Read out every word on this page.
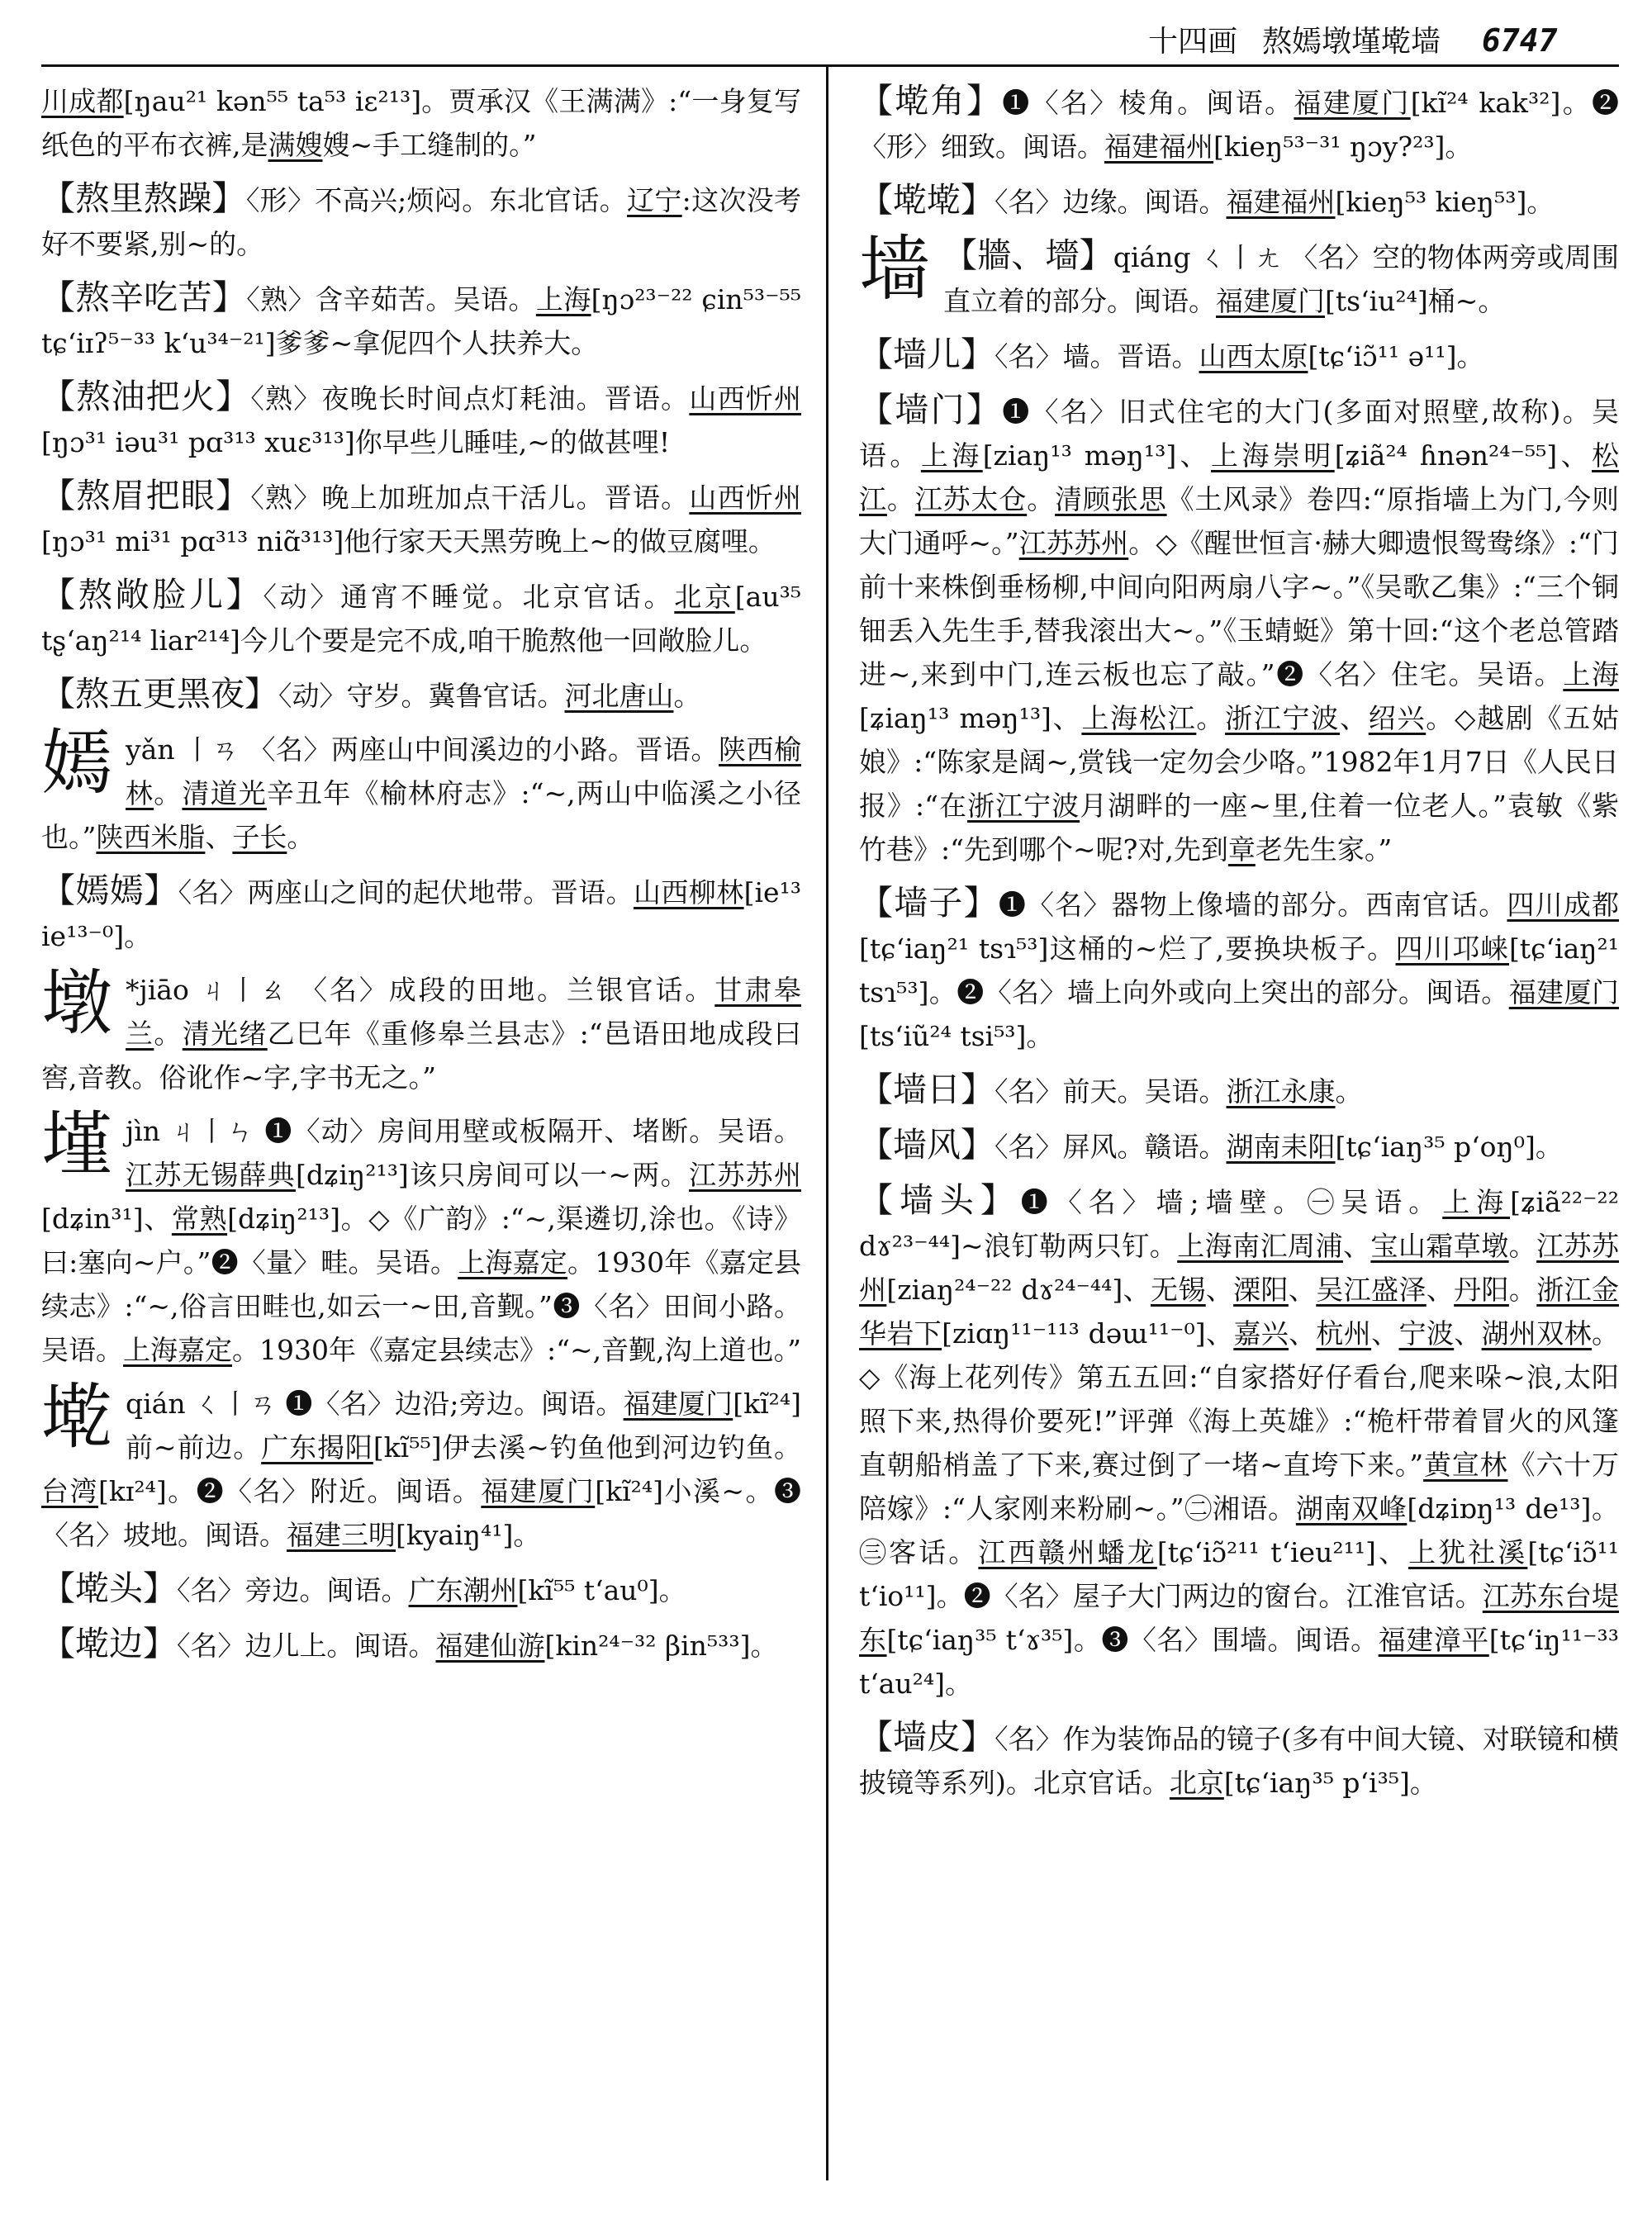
十四画 熬嫣墩墐墘墙 6747

川成都[ŋau²¹ kən⁵⁵ ta⁵³ iɛ²¹³]。贾承汉《王满满》:“一身复写纸色的平布衣裤,是满嫂嫂~手工缝制的。”

【熬里熬躁】〈形〉不高兴;烦闷。东北官话。辽宁:这次没考好不要紧,别~的。

【熬辛吃苦】〈熟〉含辛茹苦。吴语。上海[ŋɔ²³⁻²² ɕin⁵³⁻⁵⁵ tɕ‘iɪʔ⁵⁻³³ k‘u³⁴⁻²¹]爹爹~拿伲四个人扶养大。

【熬油把火】〈熟〉夜晚长时间点灯耗油。晋语。山西忻州[ŋɔ³¹ iəu³¹ pɑ³¹³ xuɛ³¹³]你早些儿睡哇,~的做甚哩!

【熬眉把眼】〈熟〉晚上加班加点干活儿。晋语。山西忻州[ŋɔ³¹ mi³¹ pɑ³¹³ niɑ̃³¹³]他行家天天黑劳晚上~的做豆腐哩。

【熬敞脸儿】〈动〉通宵不睡觉。北京官话。北京[au³⁵ tʂ‘aŋ²¹⁴ liar²¹⁴]今儿个要是完不成,咱干脆熬他一回敞脸儿。

【熬五更黑夜】〈动〉守岁。冀鲁官话。河北唐山。

嫣yǎn 丨ㄢ 〈名〉两座山中间溪边的小路。晋语。陕西榆林。清道光辛丑年《榆林府志》:“~,两山中临溪之小径也。”陕西米脂、子长。

【嫣嫣】〈名〉两座山之间的起伏地带。晋语。山西柳林[ie¹³ ie¹³⁻⁰]。

墩 *jiāo ㄐ丨ㄠ 〈名〉成段的田地。兰银官话。甘肃皋兰。清光绪乙巳年《重修皋兰县志》:“邑语田地成段曰窖,音教。俗讹作~字,字书无之。”

墐jìn ㄐ丨ㄣ ❶〈动〉房间用壁或板隔开、堵断。吴语。江苏无锡薛典[dʑiŋ²¹³]该只房间可以一~两。江苏苏州[dʑin³¹]、常熟[dʑiŋ²¹³]。◇《广韵》:“~,渠遴切,涂也。《诗》曰:塞向~户。”❷〈量〉畦。吴语。上海嘉定。1930年《嘉定县续志》:“~,俗言田畦也,如云一~田,音觐。”❸〈名〉田间小路。吴语。上海嘉定。1930年《嘉定县续志》:“~,音觐,沟上道也。”

墘qián ㄑ丨ㄢ ❶〈名〉边沿;旁边。闽语。福建厦门[kĩ²⁴]前~前边。广东揭阳[kĩ⁵⁵]伊去溪~钓鱼他到河边钓鱼。台湾[kɪ²⁴]。❷〈名〉附近。闽语。福建厦门[kĩ²⁴]小溪~。❸〈名〉坡地。闽语。福建三明[kyaiŋ⁴¹]。

【墘头】〈名〉旁边。闽语。广东潮州[kĩ⁵⁵ t‘au⁰]。

【墘边】〈名〉边儿上。闽语。福建仙游[kin²⁴⁻³² βin⁵³³]。

【墘角】❶〈名〉棱角。闽语。福建厦门[kĩ²⁴ kak³²]。❷〈形〉细致。闽语。福建福州[kieŋ⁵³⁻³¹ ŋɔy?²³]。

【墘墘】〈名〉边缘。闽语。福建福州[kieŋ⁵³ kieŋ⁵³]。

墙 【牆、墻】qiáng ㄑ丨ㄤ 〈名〉空的物体两旁或周围直立着的部分。闽语。福建厦门[ts‘iu²⁴]桶~。

【墙儿】〈名〉墙。晋语。山西太原[tɕ‘iɔ̃¹¹ ə¹¹]。

【墙门】❶〈名〉旧式住宅的大门(多面对照壁,故称)。吴语。上海[ziaŋ¹³ məŋ¹³]、上海崇明[ʑiã²⁴ ɦnən²⁴⁻⁵⁵]、松江。江苏太仓。清顾张思《土风录》卷四:“原指墙上为门,今则大门通呼~。”江苏苏州。◇《醒世恒言·赫大卿遗恨鸳鸯绦》:“门前十来株倒垂杨柳,中间向阳两扇八字~。”《吴歌乙集》:“三个铜钿丢入先生手,替我滚出大~。”《玉蜻蜓》第十回:“这个老总管踏进~,来到中门,连云板也忘了敲。”❷〈名〉住宅。吴语。上海[ʑiaŋ¹³ məŋ¹³]、上海松江。浙江宁波、绍兴。◇越剧《五姑娘》:“陈家是阔~,赏钱一定勿会少咯。”1982年1月7日《人民日报》:“在浙江宁波月湖畔的一座~里,住着一位老人。”袁敏《紫竹巷》:“先到哪个~呢?对,先到章老先生家。”

【墙子】❶〈名〉器物上像墙的部分。西南官话。四川成都[tɕ‘iaŋ²¹ tsɿ⁵³]这桶的~烂了,要换块板子。四川邛崃[tɕ‘iaŋ²¹ tsɿ⁵³]。❷〈名〉墙上向外或向上突出的部分。闽语。福建厦门[ts‘iũ²⁴ tsi⁵³]。

【墙日】〈名〉前天。吴语。浙江永康。

【墙风】〈名〉屏风。赣语。湖南耒阳[tɕ‘iaŋ³⁵ p‘oŋ⁰]。

【墙头】❶〈名〉墙;墙壁。㊀吴语。上海[ʑiã²²⁻²² dɤ²³⁻⁴⁴]~浪钉勒两只钉。上海南汇周浦、宝山霜草墩。江苏苏州[ziaŋ²⁴⁻²² dɤ²⁴⁻⁴⁴]、无锡、溧阳、吴江盛泽、丹阳。浙江金华岩下[ziɑŋ¹¹⁻¹¹³ dəɯ¹¹⁻⁰]、嘉兴、杭州、宁波、湖州双林。◇《海上花列传》第五五回:“自家搭好仔看台,爬来哚~浪,太阳照下来,热得价要死!”评弹《海上英雄》:“桅杆带着冒火的风篷直朝船梢盖了下来,赛过倒了一堵~直垮下来。”黄宣林《六十万陪嫁》:“人家刚来粉刷~。”㊁湘语。湖南双峰[dʑiɒŋ¹³ de¹³]。㊂客话。江西赣州蟠龙[tɕ‘iɔ̃²¹¹ t‘ieu²¹¹]、上犹社溪[tɕ‘iɔ̃¹¹ t‘io¹¹]。❷〈名〉屋子大门两边的窗台。江淮官话。江苏东台堤东[tɕ‘iaŋ³⁵ t‘ɤ³⁵]。❸〈名〉围墙。闽语。福建漳平[tɕ‘iŋ¹¹⁻³³ t‘au²⁴]。

【墙皮】〈名〉作为装饰品的镜子(多有中间大镜、对联镜和横披镜等系列)。北京官话。北京[tɕ‘iaŋ³⁵ p‘i³⁵]。
